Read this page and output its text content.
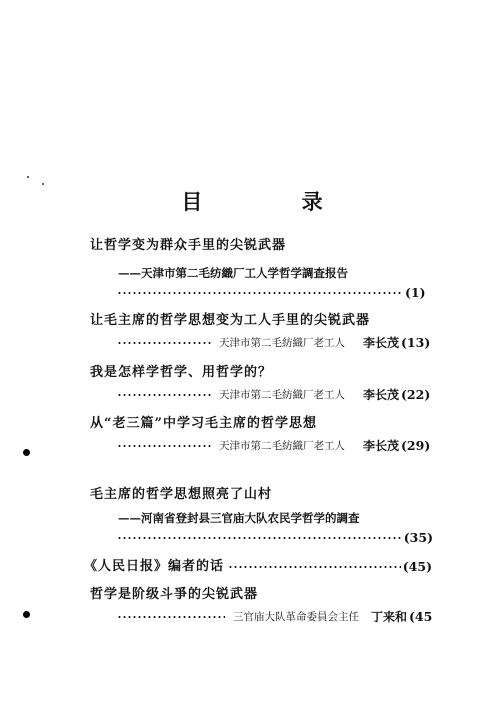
目 录
让哲学变为群众手里的尖锐武器
——天津市第二毛纺織厂工人学哲学調查报告
(1)
让毛主席的哲学思想变为工人手里的尖锐武器
天津市第二毛紡織厂老工人 李长茂 (13)
我是怎样学哲学、用哲学的？
天津市第二毛紡織厂老工人 李长茂 (22)
从“老三篇”中学习毛主席的哲学思想
天津市第二毛紡織厂老工人 李长茂 (29)
毛主席的哲学思想照亮了山村
——河南省登封县三官庙大队农民学哲学的調查
(35)
《人民日报》编者的话	(45)
哲学是阶级斗爭的尖锐武器
三官庙大队革命委員会主任 丁来和 (45
